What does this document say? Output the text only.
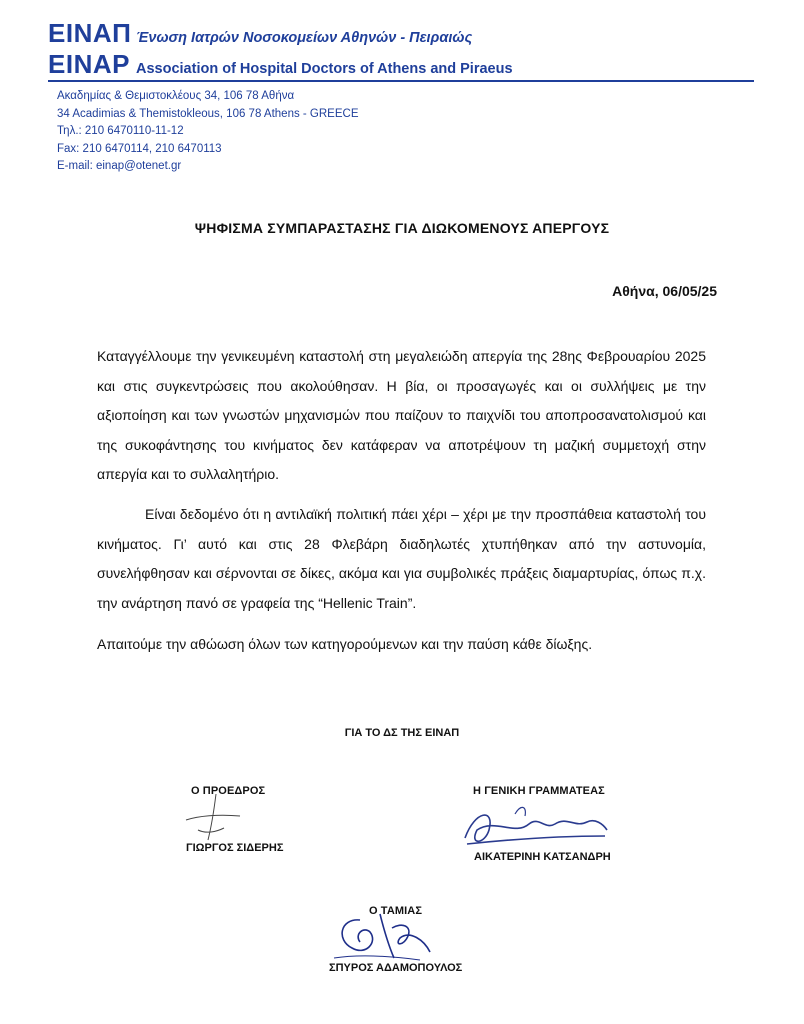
ΕΙΝΑΠ Ένωση Ιατρών Νοσοκομείων Αθηνών - Πειραιώς
EINAP Association of Hospital Doctors of Athens and Piraeus
Ακαδημίας & Θεμιστοκλέους 34, 106 78 Αθήνα
34 Acadimias & Themistokleous, 106 78 Athens - GREECE
Τηλ.: 210 6470110-11-12
Fax: 210 6470114, 210 6470113
E-mail: einap@otenet.gr
ΨΗΦΙΣΜΑ ΣΥΜΠΑΡΑΣΤΑΣΗΣ ΓΙΑ ΔΙΩΚΟΜΕΝΟΥΣ ΑΠΕΡΓΟΥΣ
Αθήνα, 06/05/25
Καταγγέλλουμε την γενικευμένη καταστολή στη μεγαλειώδη απεργία της 28ης Φεβρουαρίου 2025 και στις συγκεντρώσεις που ακολούθησαν. Η βία, οι προσαγωγές και οι συλλήψεις με την αξιοποίηση και των γνωστών μηχανισμών που παίζουν το παιχνίδι του αποπροσανατολισμού και της συκοφάντησης του κινήματος δεν κατάφεραν να αποτρέψουν τη μαζική συμμετοχή στην απεργία και το συλλαλητήριο.
Είναι δεδομένο ότι η αντιλαϊκή πολιτική πάει χέρι – χέρι με την προσπάθεια καταστολή του κινήματος. Γι’ αυτό και στις 28 Φλεβάρη διαδηλωτές χτυπήθηκαν από την αστυνομία, συνελήφθησαν και σέρνονται σε δίκες, ακόμα και για συμβολικές πράξεις διαμαρτυρίας, όπως π.χ. την ανάρτηση πανό σε γραφεία της “Hellenic Train”.
Απαιτούμε την αθώωση όλων των κατηγορούμενων και την παύση κάθε δίωξης.
ΓΙΑ ΤΟ ΔΣ ΤΗΣ ΕΙΝΑΠ
Ο ΠΡΟΕΔΡΟΣ
ΓΙΩΡΓΟΣ ΣΙΔΕΡΗΣ
Η ΓΕΝΙΚΗ ΓΡΑΜΜΑΤΕΑΣ
ΑΙΚΑΤΕΡΙΝΗ ΚΑΤΣΑΝΔΡΗ
Ο ΤΑΜΙΑΣ
ΣΠΥΡΟΣ ΑΔΑΜΟΠΟΥΛΟΣ
